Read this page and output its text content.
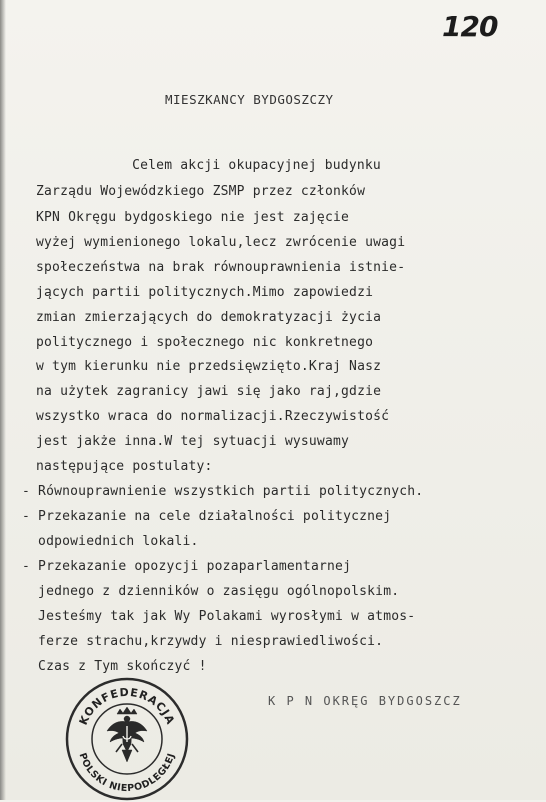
120
MIESZKANCY BYDGOSZCZY
Celem akcji okupacyjnej budynku
Zarządu Wojewódzkiego ZSMP przez członków
KPN Okręgu bydgoskiego nie jest zajęcie
wyżej wymienionego lokalu,lecz zwrócenie uwagi
społeczeństwa na brak równouprawnienia istnie-
jących partii politycznych.Mimo zapowiedzi
zmian zmierzających do demokratyzacji życia
politycznego i społecznego nic konkretnego
w tym kierunku nie przedsięwzięto.Kraj Nasz
na użytek zagranicy jawi się jako raj,gdzie
wszystko wraca do normalizacji.Rzeczywistość
jest jakże inna.W tej sytuacji wysuwamy
następujące postulaty:
- Równouprawnienie wszystkich partii politycznych.
- Przekazanie na cele działalności politycznej
odpowiednich lokali.
- Przekazanie opozycji pozaparlamentarnej
jednego z dzienników o zasięgu ogólnopolskim.
Jesteśmy tak jak Wy Polakami wyrosłymi w atmos-
ferze strachu,krzywdy i niesprawiedliwości.
Czas z Tym skończyć !
K P N OKRĘG BYDGOSZCZ
KONFEDERACJA
POLSKI NIEPODLEGŁEJ
